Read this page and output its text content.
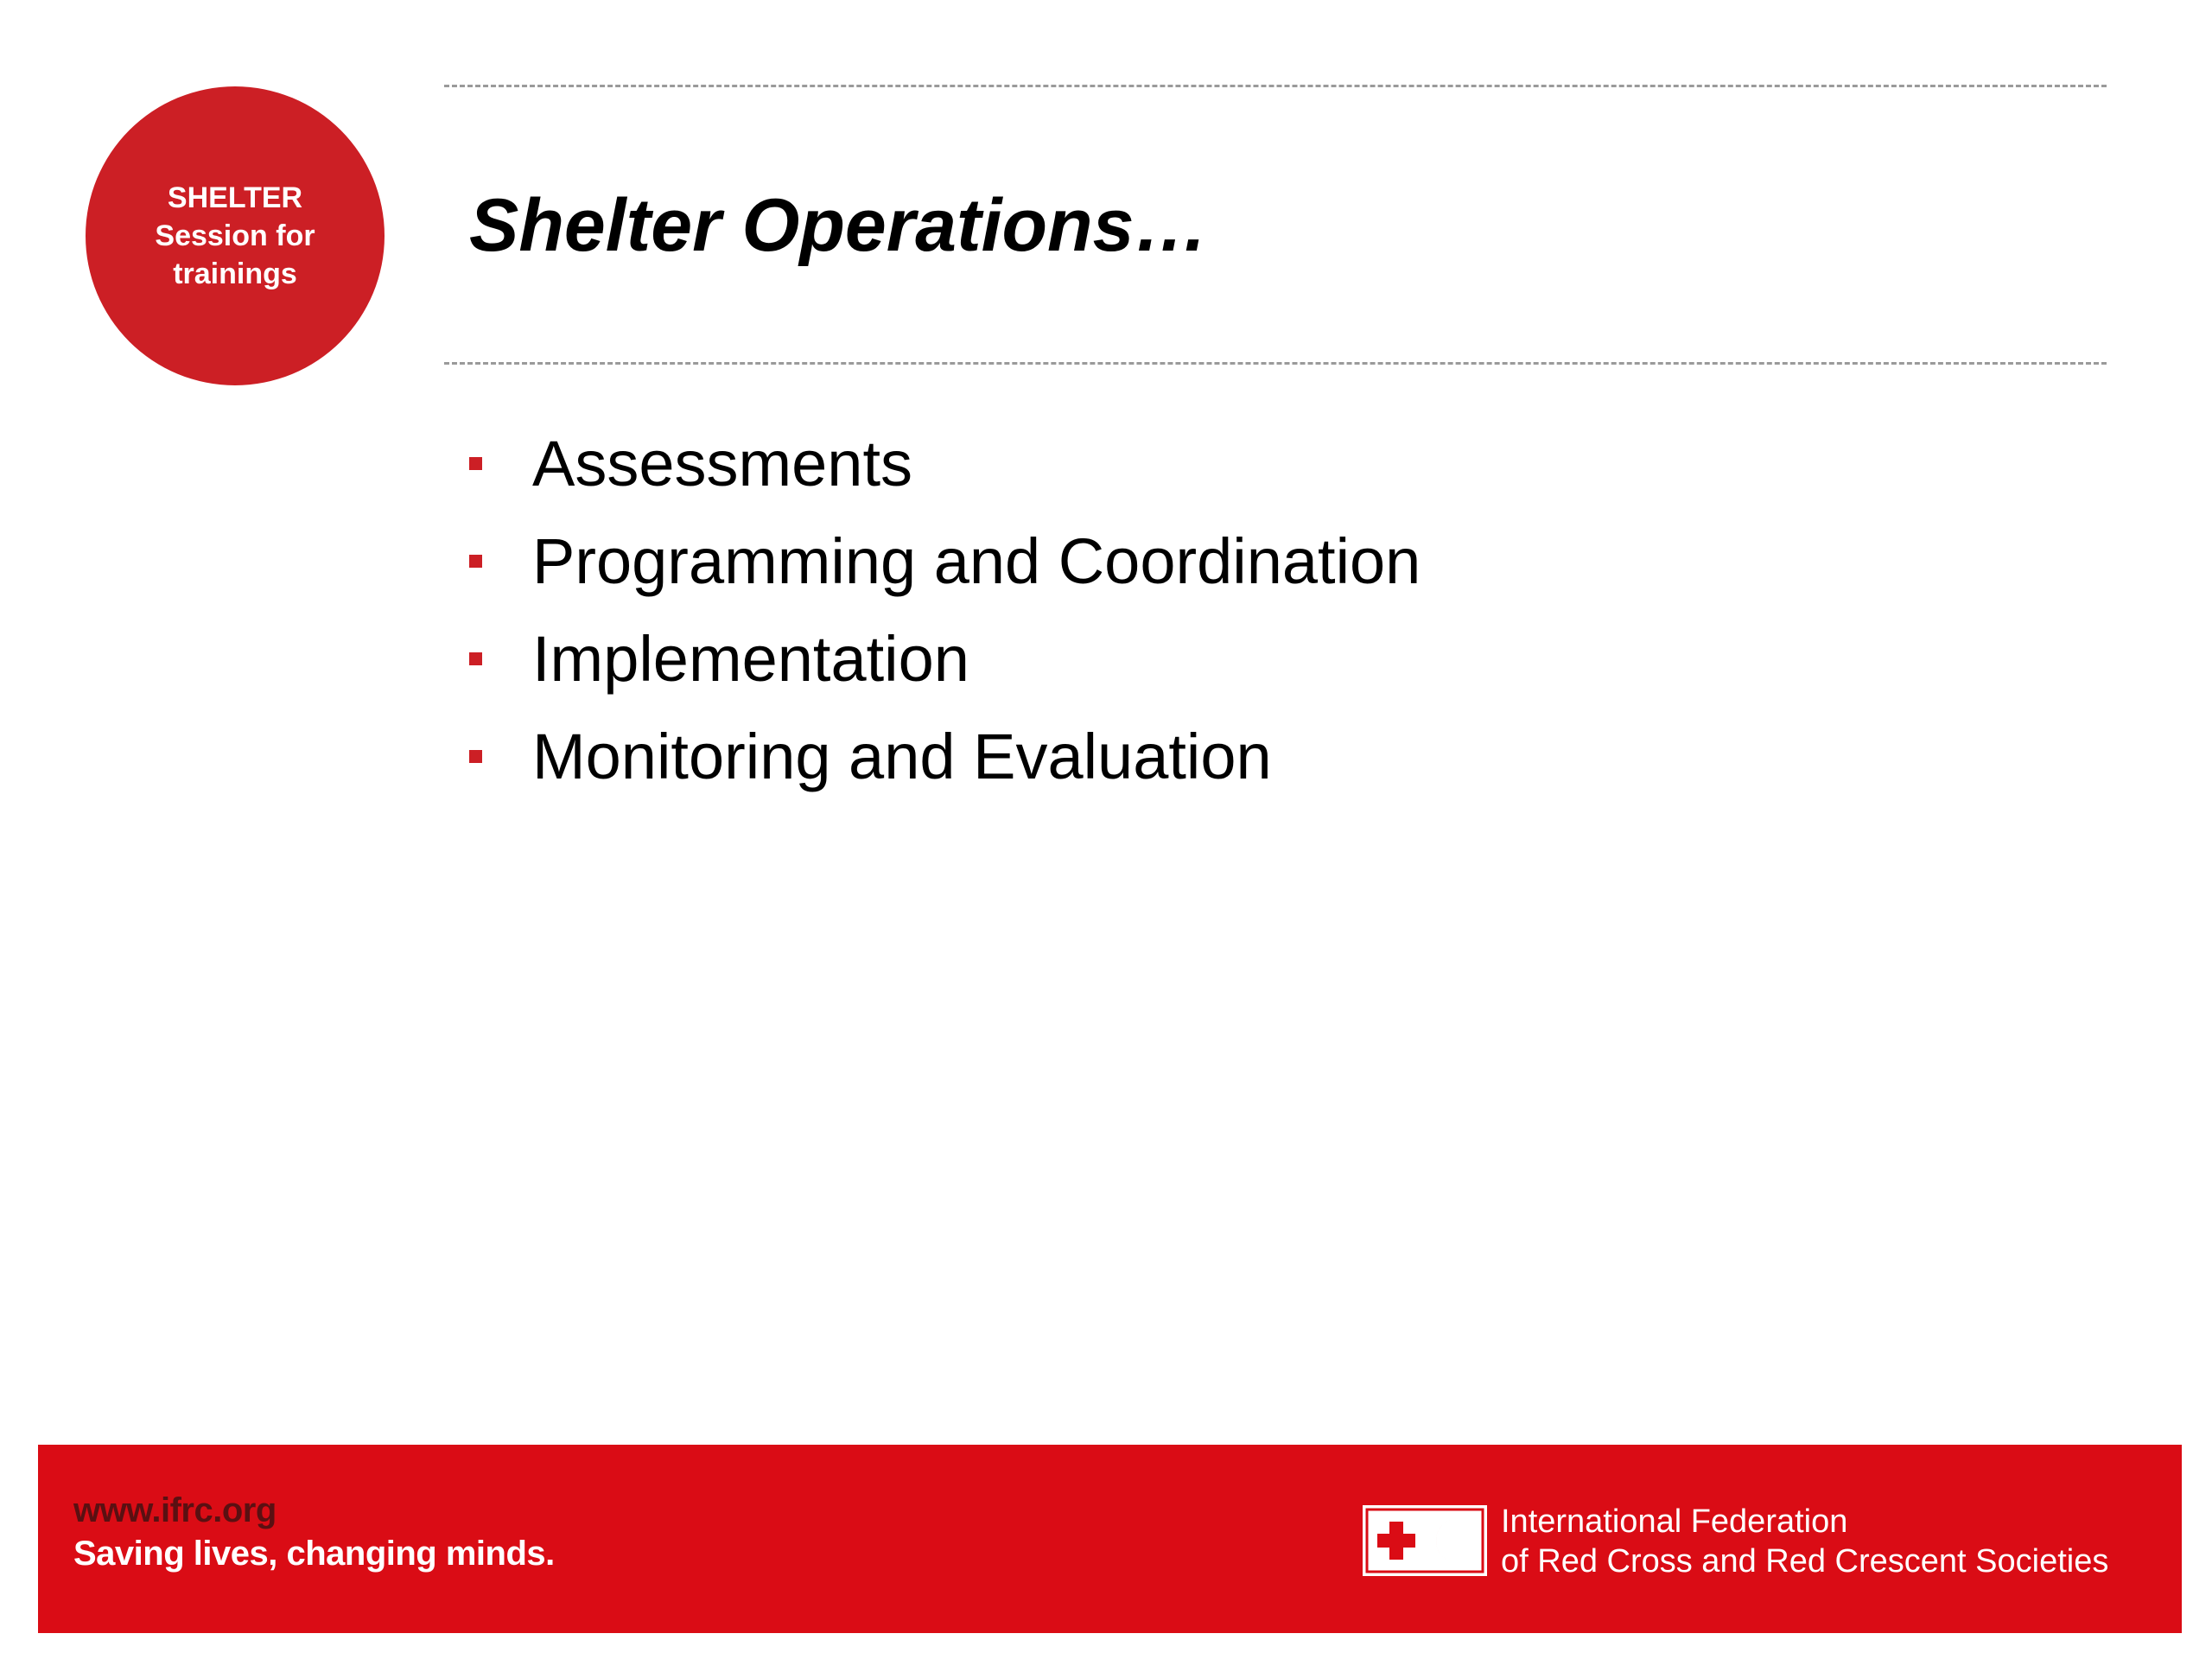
SHELTER
Session for
trainings
Shelter Operations…
Assessments
Programming and Coordination
Implementation
Monitoring and Evaluation
www.ifrc.org
Saving lives, changing minds.
International Federation
of Red Cross and Red Crescent Societies
